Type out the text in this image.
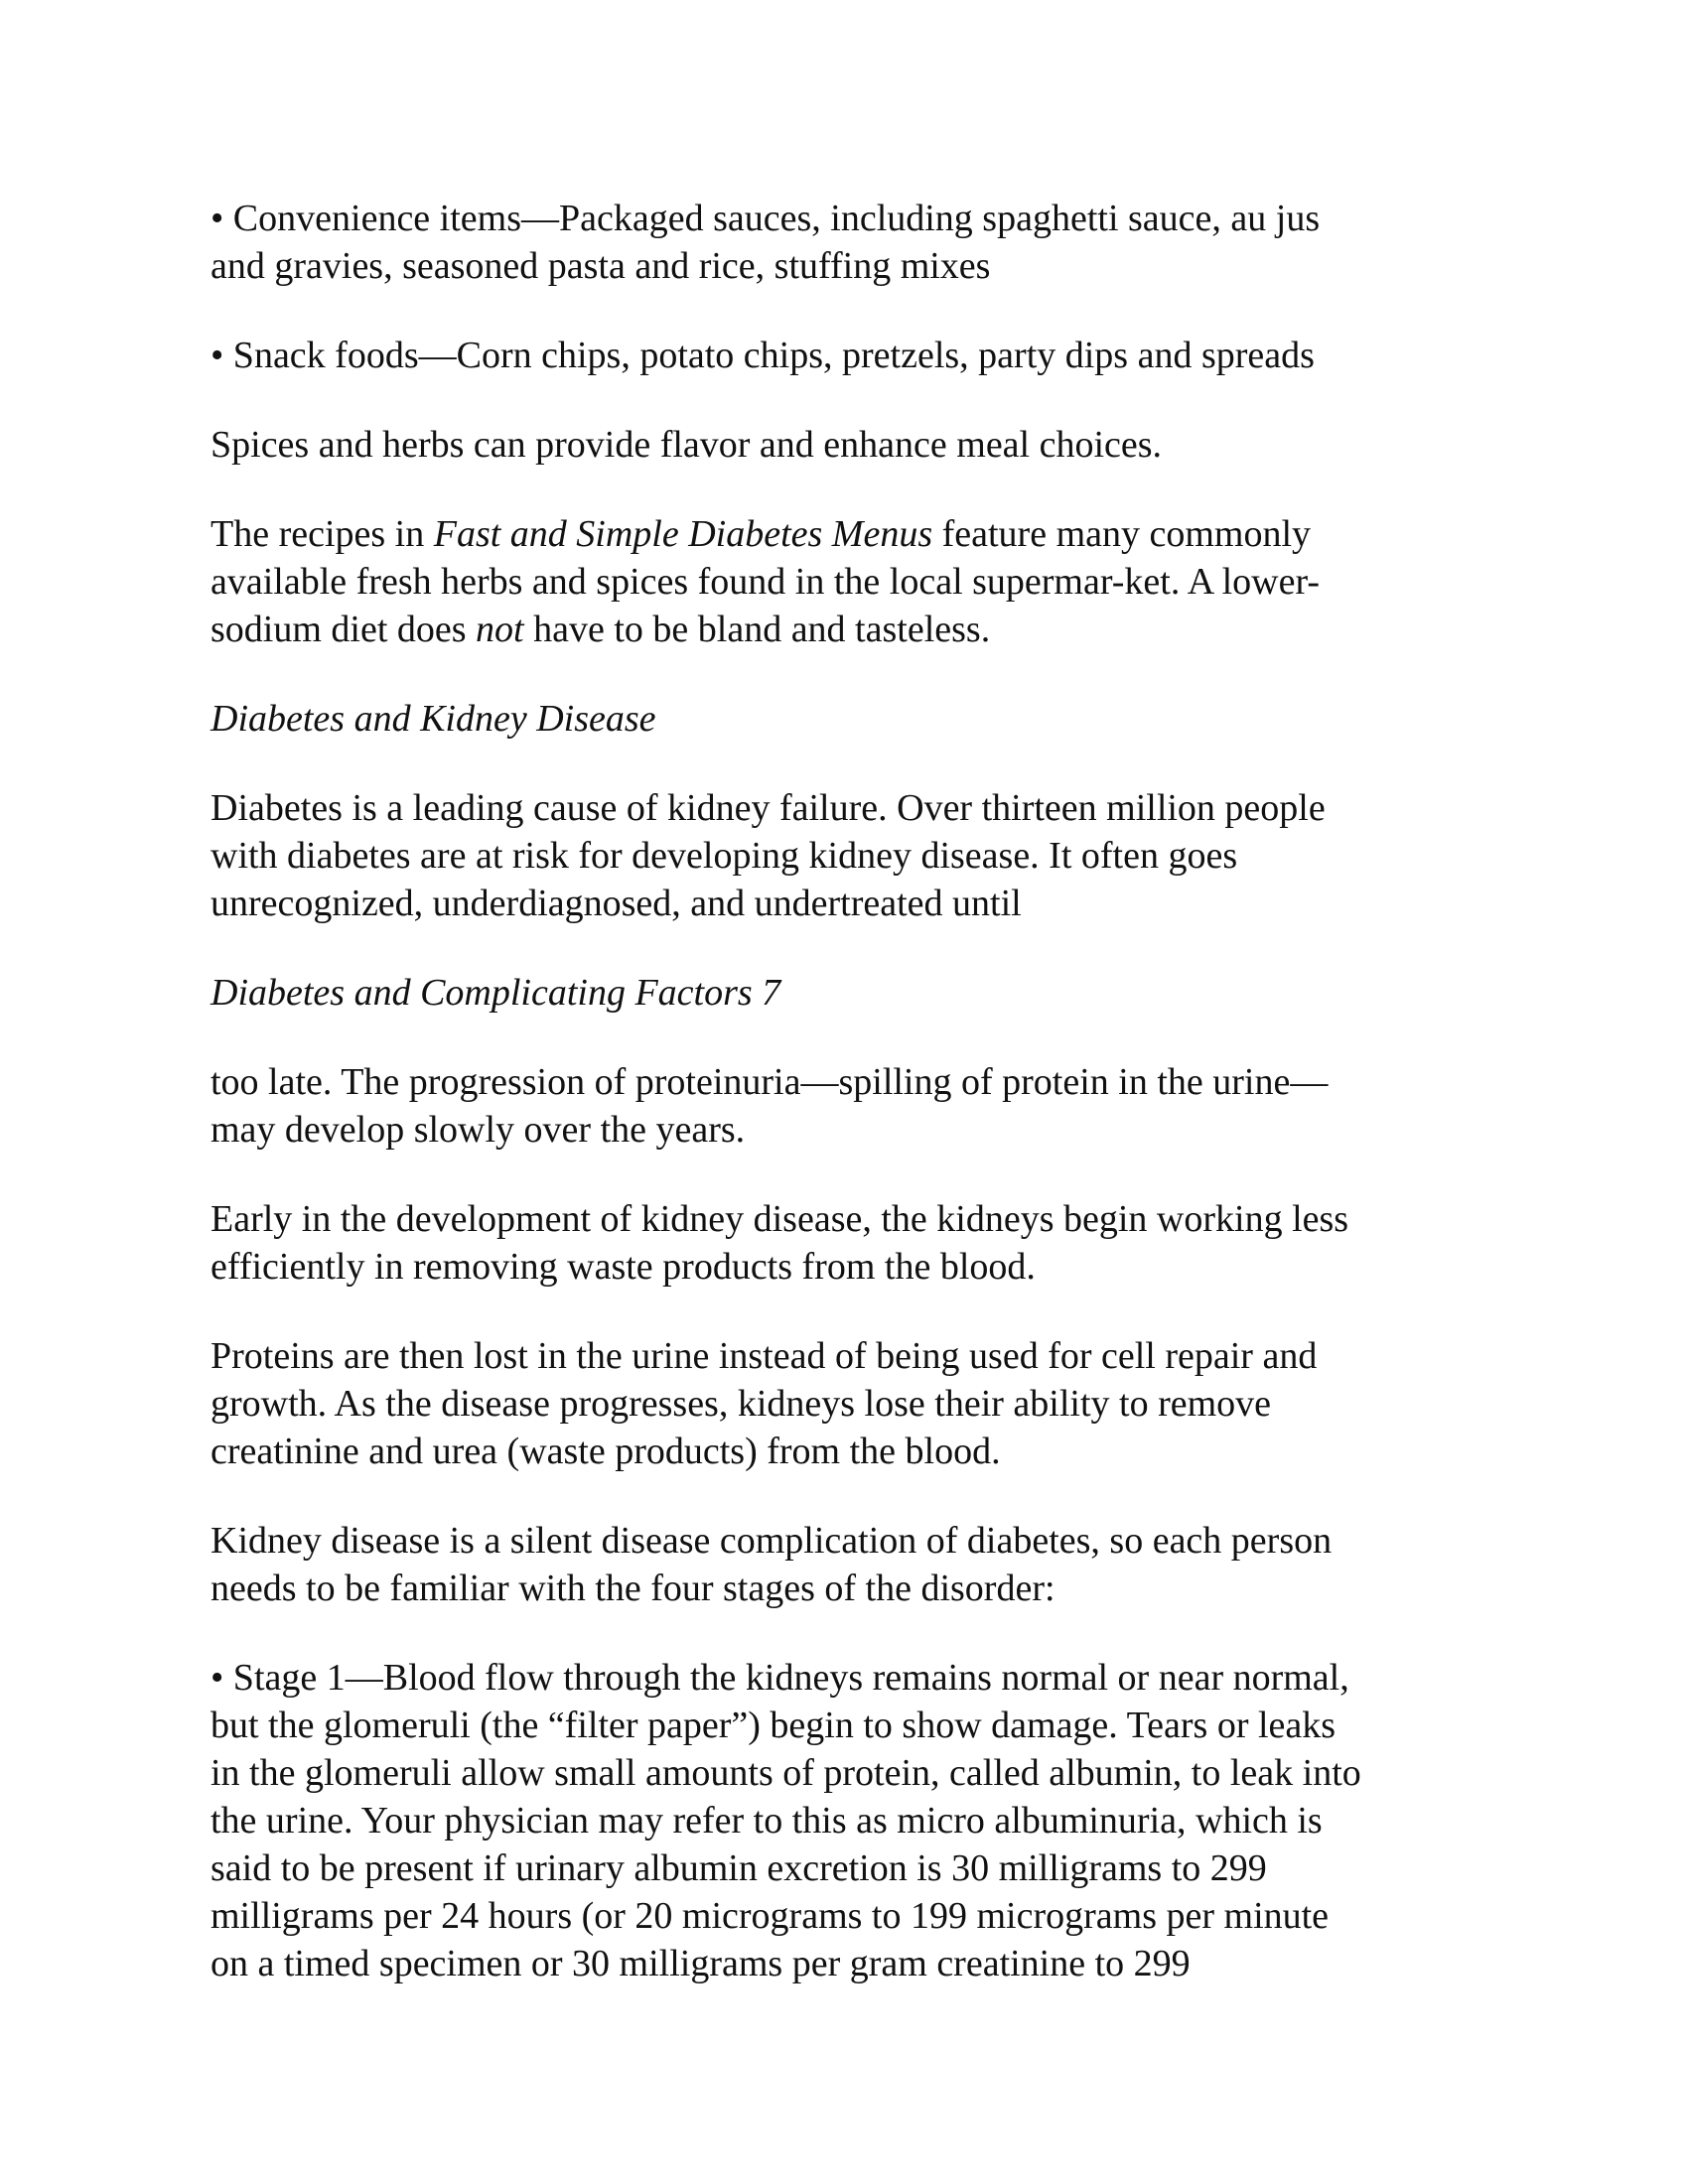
• Convenience items—Packaged sauces, including spaghetti sauce, au jus
and gravies, seasoned pasta and rice, stuffing mixes

• Snack foods—Corn chips, potato chips, pretzels, party dips and spreads

Spices and herbs can provide flavor and enhance meal choices.

The recipes in Fast and Simple Diabetes Menus feature many commonly
available fresh herbs and spices found in the local supermar-ket. A lower-
sodium diet does not have to be bland and tasteless.

Diabetes and Kidney Disease

Diabetes is a leading cause of kidney failure. Over thirteen million people
with diabetes are at risk for developing kidney disease. It often goes
unrecognized, underdiagnosed, and undertreated until

Diabetes and Complicating Factors 7

too late. The progression of proteinuria—spilling of protein in the urine—
may develop slowly over the years.

Early in the development of kidney disease, the kidneys begin working less
efficiently in removing waste products from the blood.

Proteins are then lost in the urine instead of being used for cell repair and
growth. As the disease progresses, kidneys lose their ability to remove
creatinine and urea (waste products) from the blood.

Kidney disease is a silent disease complication of diabetes, so each person
needs to be familiar with the four stages of the disorder:

• Stage 1—Blood flow through the kidneys remains normal or near normal,
but the glomeruli (the “filter paper”) begin to show damage. Tears or leaks
in the glomeruli allow small amounts of protein, called albumin, to leak into
the urine. Your physician may refer to this as micro albuminuria, which is
said to be present if urinary albumin excretion is 30 milligrams to 299
milligrams per 24 hours (or 20 micrograms to 199 micrograms per minute
on a timed specimen or 30 milligrams per gram creatinine to 299
